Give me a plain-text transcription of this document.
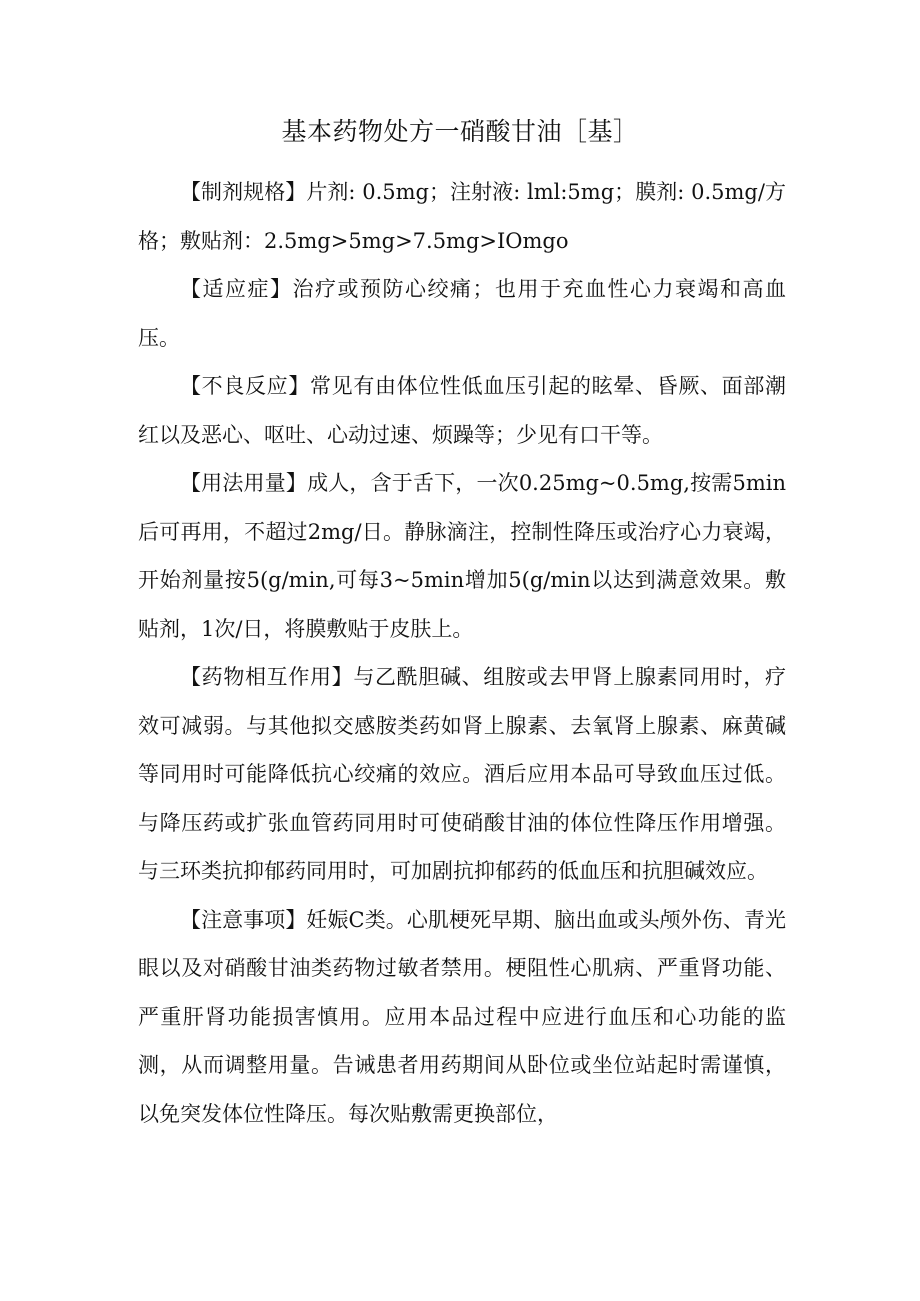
基本药物处方一硝酸甘油［基］

【制剂规格】片剂: 0.5mg；注射液: lml:5mg；膜剂: 0.5mg/方格；敷贴剂：2.5mg>5mg>7.5mg>IOmgo

【适应症】治疗或预防心绞痛；也用于充血性心力衰竭和高血压。

【不良反应】常见有由体位性低血压引起的眩晕、昏厥、面部潮红以及恶心、呕吐、心动过速、烦躁等；少见有口干等。

【用法用量】成人，含于舌下，一次0.25mg~0.5mg,按需5min后可再用，不超过2mg/日。静脉滴注，控制性降压或治疗心力衰竭，开始剂量按5(g/min,可每3~5min增加5(g/min以达到满意效果。敷贴剂，1次/日，将膜敷贴于皮肤上。

【药物相互作用】与乙酰胆碱、组胺或去甲肾上腺素同用时，疗效可减弱。与其他拟交感胺类药如肾上腺素、去氧肾上腺素、麻黄碱等同用时可能降低抗心绞痛的效应。酒后应用本品可导致血压过低。与降压药或扩张血管药同用时可使硝酸甘油的体位性降压作用增强。与三环类抗抑郁药同用时，可加剧抗抑郁药的低血压和抗胆碱效应。

【注意事项】妊娠C类。心肌梗死早期、脑出血或头颅外伤、青光眼以及对硝酸甘油类药物过敏者禁用。梗阻性心肌病、严重肾功能、严重肝肾功能损害慎用。应用本品过程中应进行血压和心功能的监测，从而调整用量。告诫患者用药期间从卧位或坐位站起时需谨慎，以免突发体位性降压。每次贴敷需更换部位，
